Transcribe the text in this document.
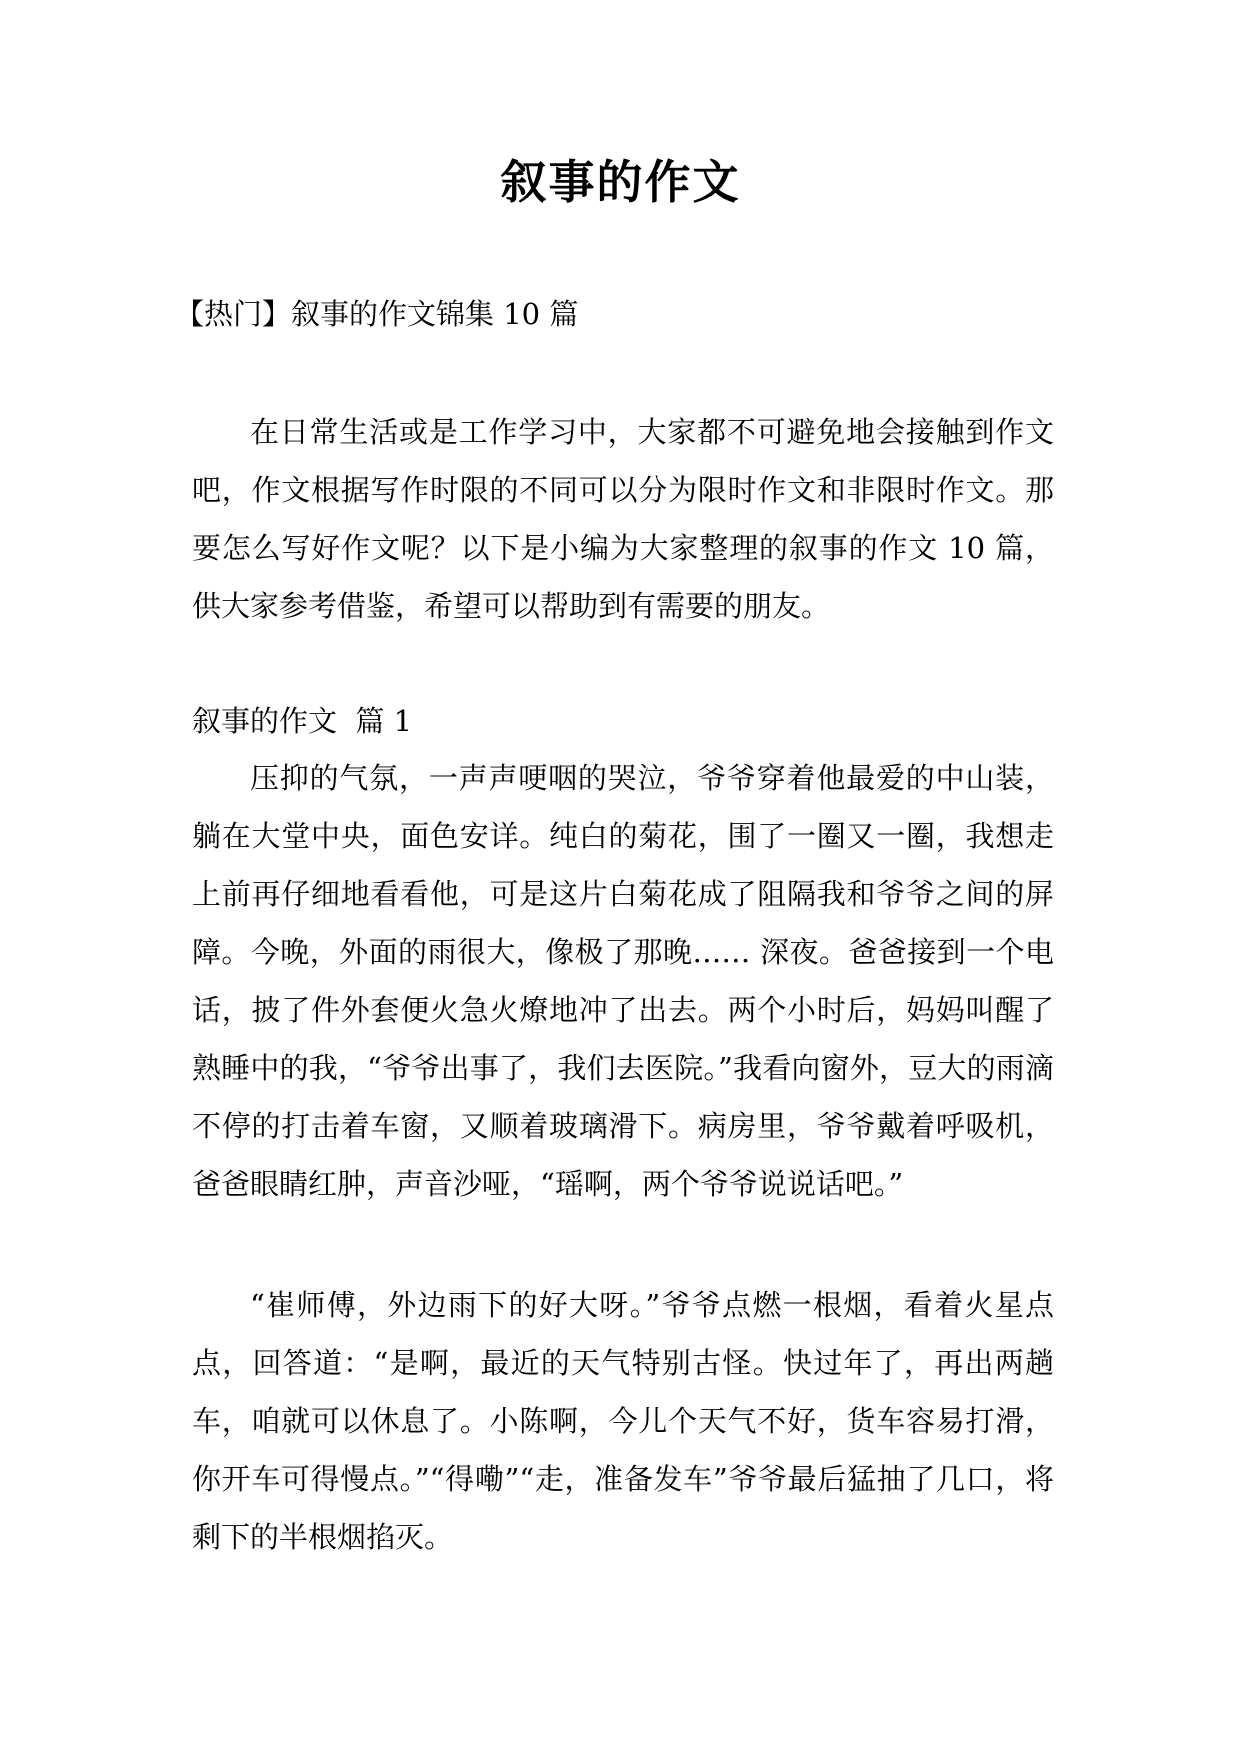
叙事的作文
【热门】叙事的作文锦集 10 篇

在日常生活或是工作学习中，大家都不可避免地会接触到作文吧，作文根据写作时限的不同可以分为限时作文和非限时作文。那要怎么写好作文呢？以下是小编为大家整理的叙事的作文 10 篇，供大家参考借鉴，希望可以帮助到有需要的朋友。

叙事的作文  篇 1

压抑的气氛，一声声哽咽的哭泣，爷爷穿着他最爱的中山装，躺在大堂中央，面色安详。纯白的菊花，围了一圈又一圈，我想走上前再仔细地看看他，可是这片白菊花成了阻隔我和爷爷之间的屏障。今晚，外面的雨很大，像极了那晚…… 深夜。爸爸接到一个电话，披了件外套便火急火燎地冲了出去。两个小时后，妈妈叫醒了熟睡中的我，“爷爷出事了，我们去医院。”我看向窗外，豆大的雨滴不停的打击着车窗，又顺着玻璃滑下。病房里，爷爷戴着呼吸机，爸爸眼睛红肿，声音沙哑，“瑶啊，两个爷爷说说话吧。”

“崔师傅，外边雨下的好大呀。”爷爷点燃一根烟，看着火星点点，回答道：“是啊，最近的天气特别古怪。快过年了，再出两趟车，咱就可以休息了。小陈啊，今儿个天气不好，货车容易打滑，你开车可得慢点。”“得嘞”“走，准备发车”爷爷最后猛抽了几口，将剩下的半根烟掐灭。
